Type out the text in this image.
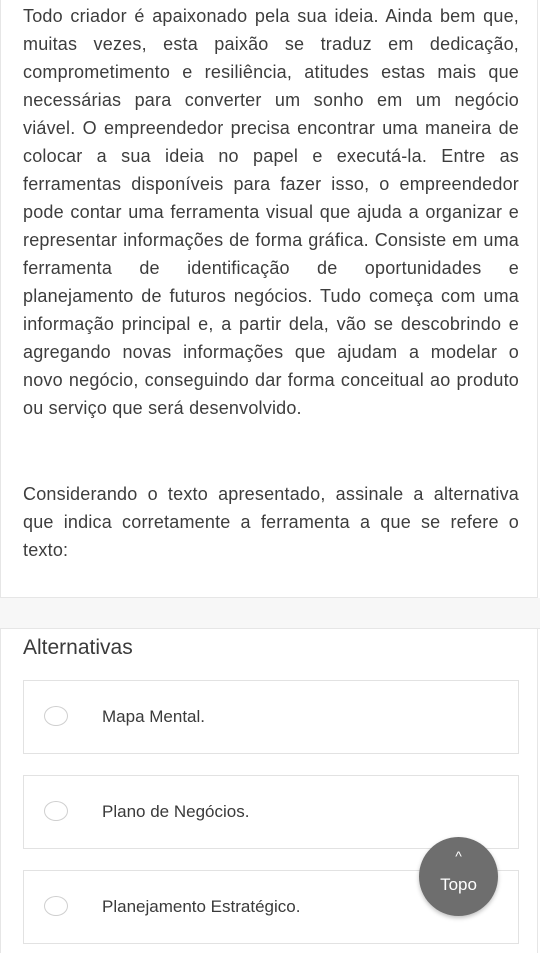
Todo criador é apaixonado pela sua ideia. Ainda bem que, muitas vezes, esta paixão se traduz em dedicação, comprometimento e resiliência, atitudes estas mais que necessárias para converter um sonho em um negócio viável. O empreendedor precisa encontrar uma maneira de colocar a sua ideia no papel e executá-la. Entre as ferramentas disponíveis para fazer isso, o empreendedor pode contar uma ferramenta visual que ajuda a organizar e representar informações de forma gráfica. Consiste em uma ferramenta de identificação de oportunidades e planejamento de futuros negócios. Tudo começa com uma informação principal e, a partir dela, vão se descobrindo e agregando novas informações que ajudam a modelar o novo negócio, conseguindo dar forma conceitual ao produto ou serviço que será desenvolvido.

Considerando o texto apresentado, assinale a alternativa que indica corretamente a ferramenta a que se refere o texto:

Alternativas
Mapa Mental.
Plano de Negócios.
Planejamento Estratégico.
^
Topo
